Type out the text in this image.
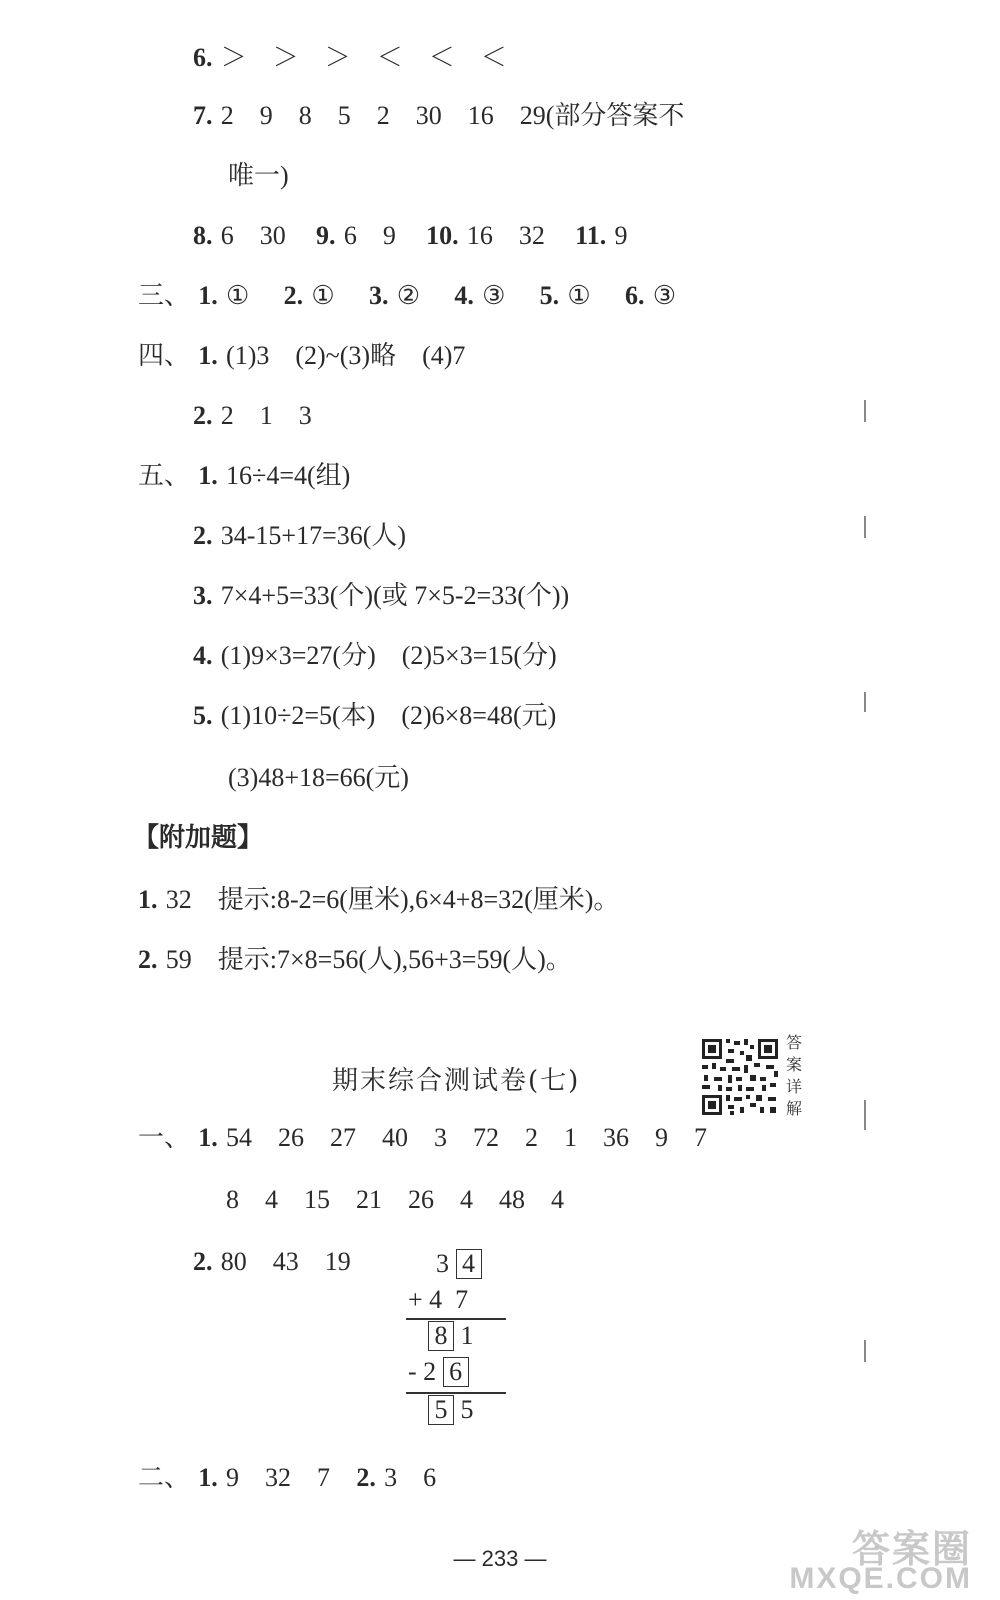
6. ＞　＞　＞　＜　＜　＜
7. 2　9　8　5　2　30　16　29(部分答案不
唯一)
8. 6　30 9. 6　9 10. 16　32 11. 9
三、 1. ① 2. ① 3. ② 4. ③ 5. ① 6. ③
四、 1. (1)3　(2)~(3)略　(4)7
2. 2　1　3
五、 1. 16÷4=4(组)
2. 34-15+17=36(人)
3. 7×4+5=33(个)(或 7×5-2=33(个))
4. (1)9×3=27(分)　(2)5×3=15(分)
5. (1)10÷2=5(本)　(2)6×8=48(元)
(3)48+18=66(元)
【附加题】
1. 32　提示:8-2=6(厘米),6×4+8=32(厘米)。
2. 59　提示:7×8=56(人),56+3=59(人)。
期末综合测试卷(七)
答案详解
一、 1. 54　26　27　40　3　72　2　1　36　9　7
8　4　15　21　26　4　48　4
2. 80　43　19	3 4
+ 4  7
8 1
- 2 6
5 5
二、 1. 9　32　7 2. 3　6
— 233 —	答案圈
MXQE.COM
